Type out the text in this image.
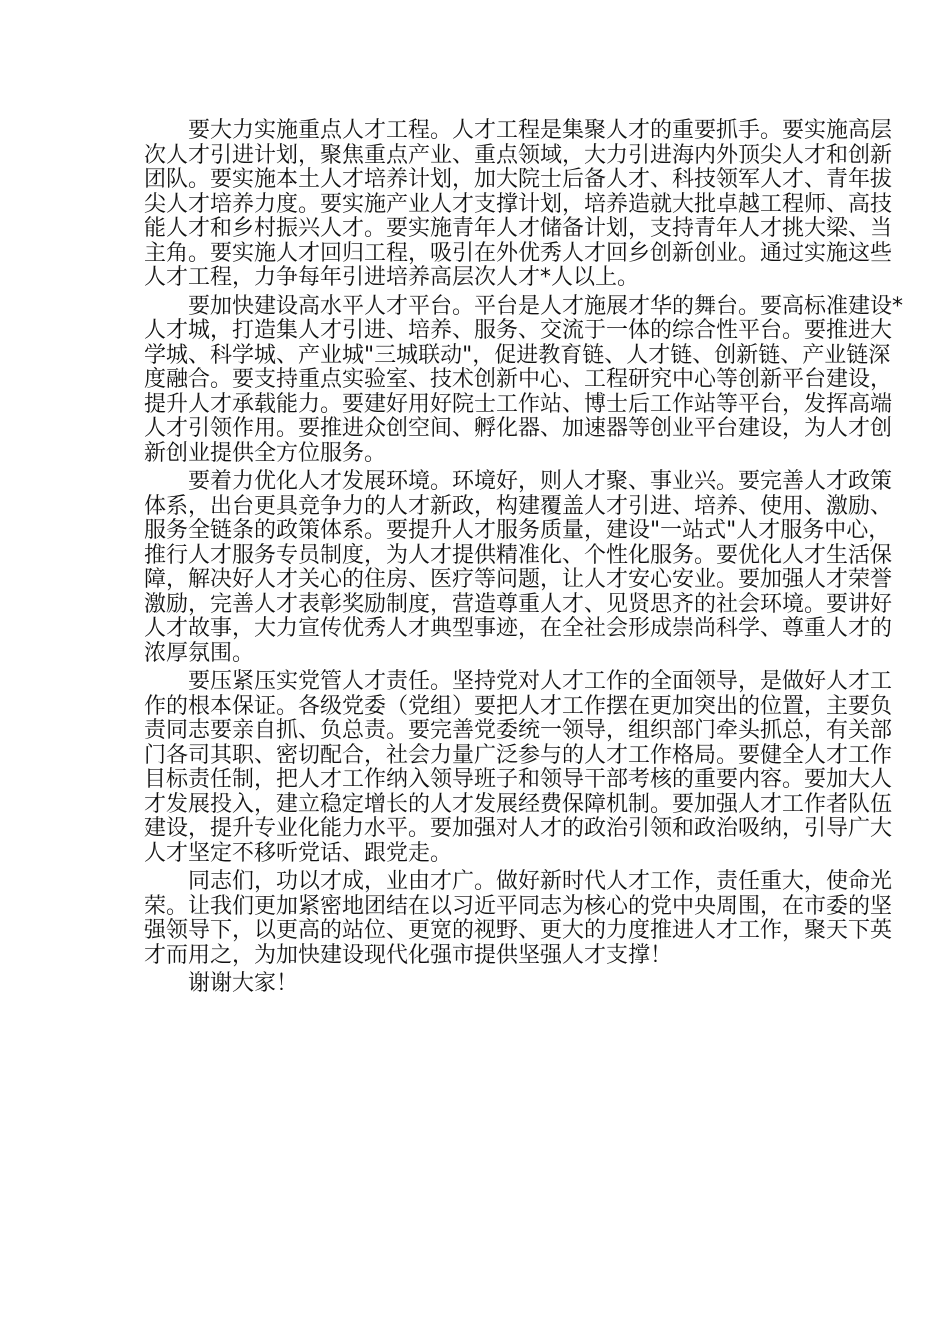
要大力实施重点人才工程。人才工程是集聚人才的重要抓手。要实施高层
次人才引进计划，聚焦重点产业、重点领域，大力引进海内外顶尖人才和创新
团队。要实施本土人才培养计划，加大院士后备人才、科技领军人才、青年拔
尖人才培养力度。要实施产业人才支撑计划，培养造就大批卓越工程师、高技
能人才和乡村振兴人才。要实施青年人才储备计划，支持青年人才挑大梁、当
主角。要实施人才回归工程，吸引在外优秀人才回乡创新创业。通过实施这些
人才工程，力争每年引进培养高层次人才*人以上。
要加快建设高水平人才平台。平台是人才施展才华的舞台。要高标准建设*
人才城，打造集人才引进、培养、服务、交流于一体的综合性平台。要推进大
学城、科学城、产业城"三城联动"，促进教育链、人才链、创新链、产业链深
度融合。要支持重点实验室、技术创新中心、工程研究中心等创新平台建设，
提升人才承载能力。要建好用好院士工作站、博士后工作站等平台，发挥高端
人才引领作用。要推进众创空间、孵化器、加速器等创业平台建设，为人才创
新创业提供全方位服务。
要着力优化人才发展环境。环境好，则人才聚、事业兴。要完善人才政策
体系，出台更具竞争力的人才新政，构建覆盖人才引进、培养、使用、激励、
服务全链条的政策体系。要提升人才服务质量，建设"一站式"人才服务中心，
推行人才服务专员制度，为人才提供精准化、个性化服务。要优化人才生活保
障，解决好人才关心的住房、医疗等问题，让人才安心安业。要加强人才荣誉
激励，完善人才表彰奖励制度，营造尊重人才、见贤思齐的社会环境。要讲好
人才故事，大力宣传优秀人才典型事迹，在全社会形成崇尚科学、尊重人才的
浓厚氛围。
要压紧压实党管人才责任。坚持党对人才工作的全面领导，是做好人才工
作的根本保证。各级党委（党组）要把人才工作摆在更加突出的位置，主要负
责同志要亲自抓、负总责。要完善党委统一领导，组织部门牵头抓总，有关部
门各司其职、密切配合，社会力量广泛参与的人才工作格局。要健全人才工作
目标责任制，把人才工作纳入领导班子和领导干部考核的重要内容。要加大人
才发展投入，建立稳定增长的人才发展经费保障机制。要加强人才工作者队伍
建设，提升专业化能力水平。要加强对人才的政治引领和政治吸纳，引导广大
人才坚定不移听党话、跟党走。
同志们，功以才成，业由才广。做好新时代人才工作，责任重大，使命光
荣。让我们更加紧密地团结在以习近平同志为核心的党中央周围，在市委的坚
强领导下，以更高的站位、更宽的视野、更大的力度推进人才工作，聚天下英
才而用之，为加快建设现代化强市提供坚强人才支撑！
谢谢大家！
